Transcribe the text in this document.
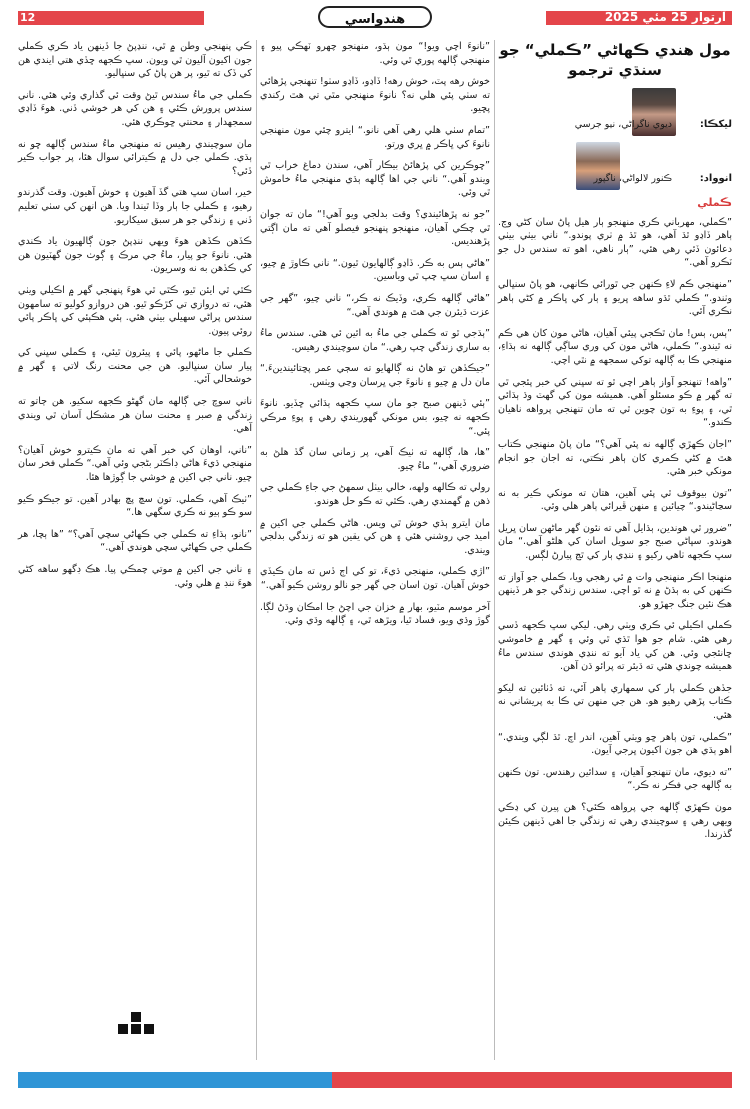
12	هندواسي	آرتوار 25 مئي 2025
مول هندي ڪهاڻي ”ڪملي“ جو سنڌي ترجمو
ليکڪا:
ديوي ناگراڻي، نيو جرسي
انوواد:
ڪنور لالواڻي، ناگپور
ڪملي

”ڪملي، مهرباني ڪري منهنجو ٻار هيل پاڻ سان کڻي وڃ. ٻاهر ڏاڍو ٿڌ آهي، هو ٿڌ ۾ ٺري پوندو.“ ناني بيٺي بيٺي دعائون ڏئي رهي هئي، ”ٻار ناهي، اهو ته سندس دل جو ٽڪرو آهي.“

”منهنجي ڪم لاءِ ڪنهن جي ٿورائي ڪانهي، هو پاڻ سنڀالي وٺندو.“ ڪملي ٿڌو ساهه ڀريو ۽ ٻار کي ڀاڪر ۾ کڻي ٻاهر نڪري آئي.

”ٻس، ٻس! مان ٿڪجي پيئي آهيان، هاڻي مون کان هي ڪم نه ٿيندو.“ ڪملي، هاڻي مون کي وري ساڳي ڳالهه نه ٻڌاءِ، منهنجي ڪا به ڳالهه توکي سمجهه ۾ نٿي اچي.

”واهه! تنهنجو آواز ٻاهر اچي ٿو ته سڀني کي خبر پئجي ٿي ته گهر ۾ ڪو مسئلو آهي. هميشه مون کي گهٽ وڌ ٻڌائي ٿي، ۽ پوءِ به تون چوين ٿي ته مان تنهنجي پرواهه ناهيان ڪندو.“

”اجان ڪهڙي ڳالهه نه پئي آهي؟“ مان پاڻ منهنجي ڪتاب هٿ ۾ کڻي ڪمري کان ٻاهر نڪتي، ته اجان جو انجام مونکي خبر هئي.

”تون بيوقوف ٿي پئي آهين، هتان ته مونکي ڪير به نه سڃاڻيندو.“ چيائين ۽ منهن ڦيرائي ٻاهر هلي وئي.

”ضرور ٿي هوندين، ٻڌايل آهي ته نئون گهر ماڻهن سان ڀريل هوندو. سڀاڻي صبح جو سويل اسان کي هلڻو آهي.“ مان سڀ ڪجهه ٺاهي رکيو ۽ ننڍي ٻار کي ٿڃ پيارڻ لڳس.

منهنجا اڪر منهنجي وات ۾ ئي رهجي ويا، ڪملي جو آواز ته ڪنهن کي به ٻڌڻ ۾ نه ٿو اچي. سندس زندگي جو هر ڏينهن هڪ نئين جنگ جهڙو هو.

ڪملي اڪيلي ئي ڪري ويٺي رهي. ليکي سڀ ڪجهه ڏسي رهي هئي. شام جو هوا ٿڌي ٿي وئي ۽ گهر ۾ خاموشي ڇانئجي وئي. هن کي ياد آيو ته ننڍي هوندي سندس ماءُ هميشه چوندي هئي ته ڌيئر ته پرائو ڌن آهن.

جڏهن ڪملي ٻار کي سمهاري ٻاهر آئي، ته ڏٺائين ته ليکو ڪتاب پڙهي رهيو هو. هن جي منهن تي ڪا به پريشاني نه هئي.

”ڪملي، تون ٻاهر ڇو ويٺي آهين، اندر اچ. ٿڌ لڳي ويندي.“ اهو ٻڌي هن جون اکيون ڀرجي آيون.

”ته ديوي، مان تنهنجو آهيان، ۽ سدائين رهندس. تون ڪنهن به ڳالهه جي فڪر نه ڪر.“

مون ڪهڙي ڳالهه جي پرواهه ڪئي؟ هن پيرن کي ڍڪي ويهي رهي ۽ سوچيندي رهي ته زندگي جا اهي ڏينهن ڪيئن گذرندا.

”نانوءَ اچي ويو!“ مون ٻڌو، منهنجو چهرو ٽهڪي پيو ۽ منهنجي ڳالهه پوري ٿي وئي.

خوش رهه پٽ، خوش رهه! ڏاڍو، ڏاڍو سٺو! تنهنجي پڙهائي ته سٺي پئي هلي نه؟ نانوءَ منهنجي مٿي تي هٿ رکندي پڇيو.

”تمام سٺي هلي رهي آهي نانو.“ ايترو چئي مون منهنجي نانوءَ کي ڀاڪر ۾ ڀري ورتو.

”ڇوڪرين کي پڙهائڻ بيڪار آهي، سندن دماغ خراب ٿي ويندو آهي.“ ناني جي اها ڳالهه ٻڌي منهنجي ماءُ خاموش ٿي وئي.

”جو نه پڙهائيندي؟ وقت بدلجي ويو آهي!“ مان ته جوان ٿي چڪي آهيان، منهنجو پنهنجو فيصلو آهي ته مان اڳتي پڙهنديس.

”هاڻي ٻس به ڪر. ڏاڍو ڳالهايون ٿيون.“ ناني ڪاوڙ ۾ چيو، ۽ اسان سڀ چپ ٿي وياسين.

”هاڻي ڳالهه ڪري، وڏيڪ نه ڪر،“ ناني چيو، ”گهر جي عزت ڌيئرن جي هٿ ۾ هوندي آهي.“

”ٻڌجي ٿو ته ڪملي جي ماءُ به ائين ئي هئي. سندس ماءُ به ساري زندگي چپ رهي.“ مان سوچيندي رهيس.

”جيڪڏهن تو هاڻ نه ڳالهايو ته سڄي عمر پڇتائيندينءَ.“ مان دل ۾ چيو ۽ نانوءَ جي ڀرسان وڃي ويٺس.

”ٻئي ڏينهن صبح جو مان سڀ ڪجهه ٻڌائي ڇڏيو. نانوءَ ڪجهه نه چيو، بس مونکي گهوريندي رهي ۽ پوءِ مرڪي پئي.“

”ها، ها، ڳالهه ته ٺيڪ آهي، پر زماني سان گڏ هلڻ به ضروري آهي،“ ماءُ چيو.

رولي ته ڪالهه ولهه، خالي بيٺل سمهڻ جي جاءِ ڪملي جي ذهن ۾ گهمندي رهي. ڪٿي ته ڪو حل هوندو.

مان ايترو ٻڌي خوش ٿي ويس. هاڻي ڪملي جي اکين ۾ اميد جي روشني هئي ۽ هن کي يقين هو ته زندگي بدلجي ويندي.

”اڙي ڪملي، منهنجي ڌيءَ، تو کي اڄ ڏس ته مان ڪيڏي خوش آهيان. تون اسان جي گهر جو نالو روشن ڪيو آهي.“

آخر موسم مٽيو، بهار ۾ خزان جي اچڻ جا امڪان وڌڻ لڳا. گوڙ وڌي ويو، فساد ٿيا، ويڙهه ٿي، ۽ ڳالهه وڌي وئي.

ڪي پنهنجي وطن ۾ ٿي، ننڍپڻ جا ڏينهن ياد ڪري ڪملي جون اکيون آليون ٿي ويون. سڀ ڪجهه ڇڏي هتي ايندي هن کي ڏک ته ٿيو، پر هن پاڻ کي سنڀاليو.

ڪملي جي ماءُ سندس ٿيڻ وقت ئي گذاري وئي هئي. ناني سندس پرورش ڪئي ۽ هن کي هر خوشي ڏني. هوءَ ڏاڍي سمجهدار ۽ محنتي ڇوڪري هئي.

مان سوچيندي رهيس ته منهنجي ماءُ سندس ڳالهه ڇو نه ٻڌي. ڪملي جي دل ۾ ڪيترائي سوال هئا، پر جواب ڪير ڏئي؟

خير، اسان سڀ هتي گڏ آهيون ۽ خوش آهيون. وقت گذرندو رهيو، ۽ ڪملي جا ٻار وڏا ٿيندا ويا. هن انهن کي سٺي تعليم ڏني ۽ زندگي جو هر سبق سيکاريو.

ڪڏهن ڪڏهن هوءَ ويهي ننڍپڻ جون ڳالهيون ياد ڪندي هئي. نانوءَ جو پيار، ماءُ جي مرڪ ۽ ڳوٺ جون گهٽيون هن کي ڪڏهن به نه وسريون.

ڪٿي ٿي ايئن ٿيو، ڪٿي ٿي هوءَ پنهنجي گهر ۾ اڪيلي ويٺي هئي، ته دروازي تي کڙڪو ٿيو. هن دروازو کوليو ته سامهون سندس پراڻي سهيلي بيٺي هئي. ٻئي هڪٻئي کي ڀاڪر پائي روئي پيون.

ڪملي جا ماڻهو، پائي ۽ پيئرون ٿيئي، ۽ ڪملي سڀني کي پيار سان سنڀاليو. هن جي محنت رنگ لاتي ۽ گهر ۾ خوشحالي آئي.

ناني سوچ جي ڳالهه مان گهڻو ڪجهه سکيو. هن ڄاتو ته زندگي ۾ صبر ۽ محنت سان هر مشڪل آسان ٿي ويندي آهي.

”ناني، اوهان کي خبر آهي ته مان ڪيترو خوش آهيان؟ منهنجي ڌيءَ هاڻي ڊاڪٽر بڻجي وئي آهي.“ ڪملي فخر سان چيو. ناني جي اکين ۾ خوشي جا ڳوڙها هئا.

”ٺيڪ آهي، ڪملي. تون سچ پچ بهادر آهين. تو جيڪو ڪيو سو ڪو ٻيو نه ڪري سگهي ها.“

”نانو، ٻڌاءِ ته ڪملي جي ڪهاڻي سچي آهي؟“ ”ها ٻچا، هر ڪملي جي ڪهاڻي سچي هوندي آهي.“

۽ ناني جي اکين ۾ موتي چمڪي پيا. هڪ ڊگهو ساهه کڻي هوءَ ننڊ ۾ هلي وئي.
